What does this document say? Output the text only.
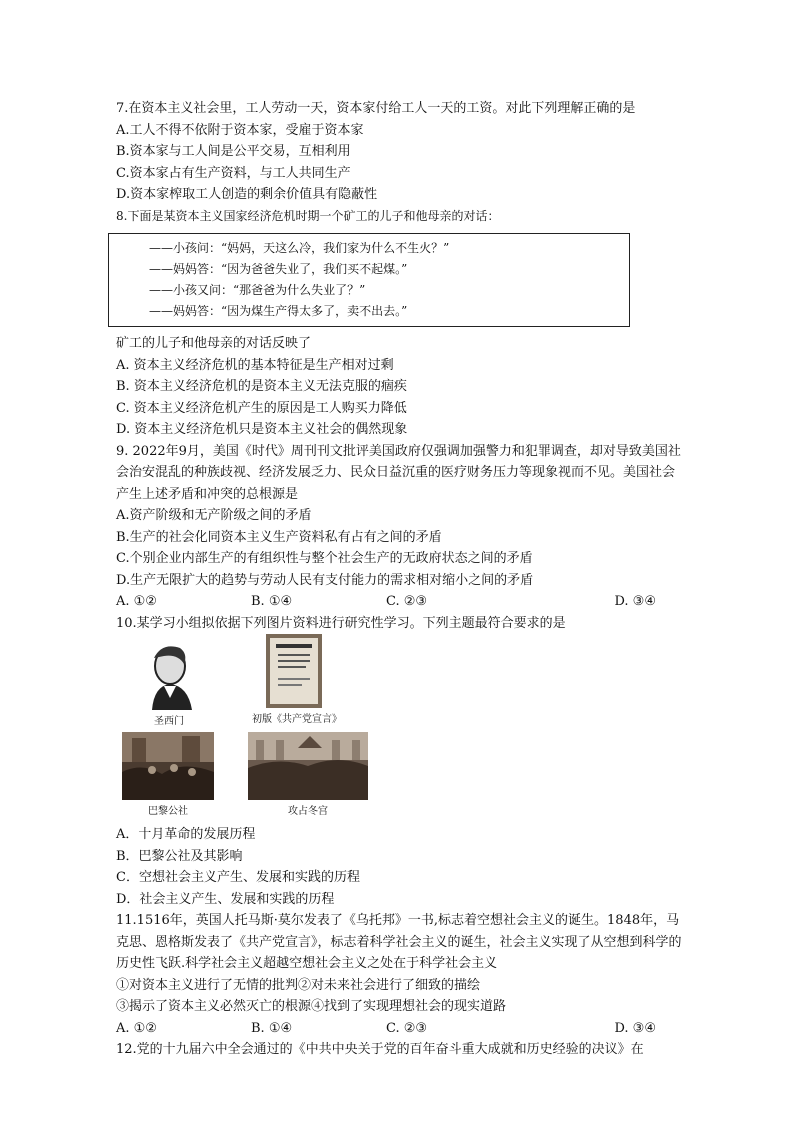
7.在资本主义社会里，工人劳动一天，资本家付给工人一天的工资。对此下列理解正确的是
A.工人不得不依附于资本家，受雇于资本家
B.资本家与工人间是公平交易，互相利用
C.资本家占有生产资料，与工人共同生产
D.资本家榨取工人创造的剩余价值具有隐蔽性
8.下面是某资本主义国家经济危机时期一个矿工的儿子和他母亲的对话：
——小孩问：“妈妈，天这么冷，我们家为什么不生火？”
——妈妈答：“因为爸爸失业了，我们买不起煤。”
——小孩又问：“那爸爸为什么失业了？”
——妈妈答：“因为煤生产得太多了，卖不出去。”
矿工的儿子和他母亲的对话反映了
A. 资本主义经济危机的基本特征是生产相对过剩
B. 资本主义经济危机的是资本主义无法克服的痼疾
C. 资本主义经济危机产生的原因是工人购买力降低
D. 资本主义经济危机只是资本主义社会的偶然现象
9. 2022年9月，美国《时代》周刊刊文批评美国政府仅强调加强警力和犯罪调查，却对导致美国社会治安混乱的种族歧视、经济发展乏力、民众日益沉重的医疗财务压力等现象视而不见。美国社会产生上述矛盾和冲突的总根源是
A.资产阶级和无产阶级之间的矛盾
B.生产的社会化同资本主义生产资料私有占有之间的矛盾
C.个别企业内部生产的有组织性与整个社会生产的无政府状态之间的矛盾
D.生产无限扩大的趋势与劳动人民有支付能力的需求相对缩小之间的矛盾
A. ①②	B. ①④	C. ②③	D. ③④
10.某学习小组拟依据下列图片资料进行研究性学习。下列主题最符合要求的是
圣西门	初版《共产党宣言》
巴黎公社	攻占冬宫
A．十月革命的发展历程
B．巴黎公社及其影响
C．空想社会主义产生、发展和实践的历程
D．社会主义产生、发展和实践的历程
11.1516年，英国人托马斯·莫尔发表了《乌托邦》一书,标志着空想社会主义的诞生。1848年，马克思、恩格斯发表了《共产党宣言》，标志着科学社会主义的诞生，社会主义实现了从空想到科学的历史性飞跃.科学社会主义超越空想社会主义之处在于科学社会主义
①对资本主义进行了无情的批判②对未来社会进行了细致的描绘
③揭示了资本主义必然灭亡的根源④找到了实现理想社会的现实道路
A. ①②	B. ①④	C. ②③	D. ③④
12.党的十九届六中全会通过的《中共中央关于党的百年奋斗重大成就和历史经验的决议》在
